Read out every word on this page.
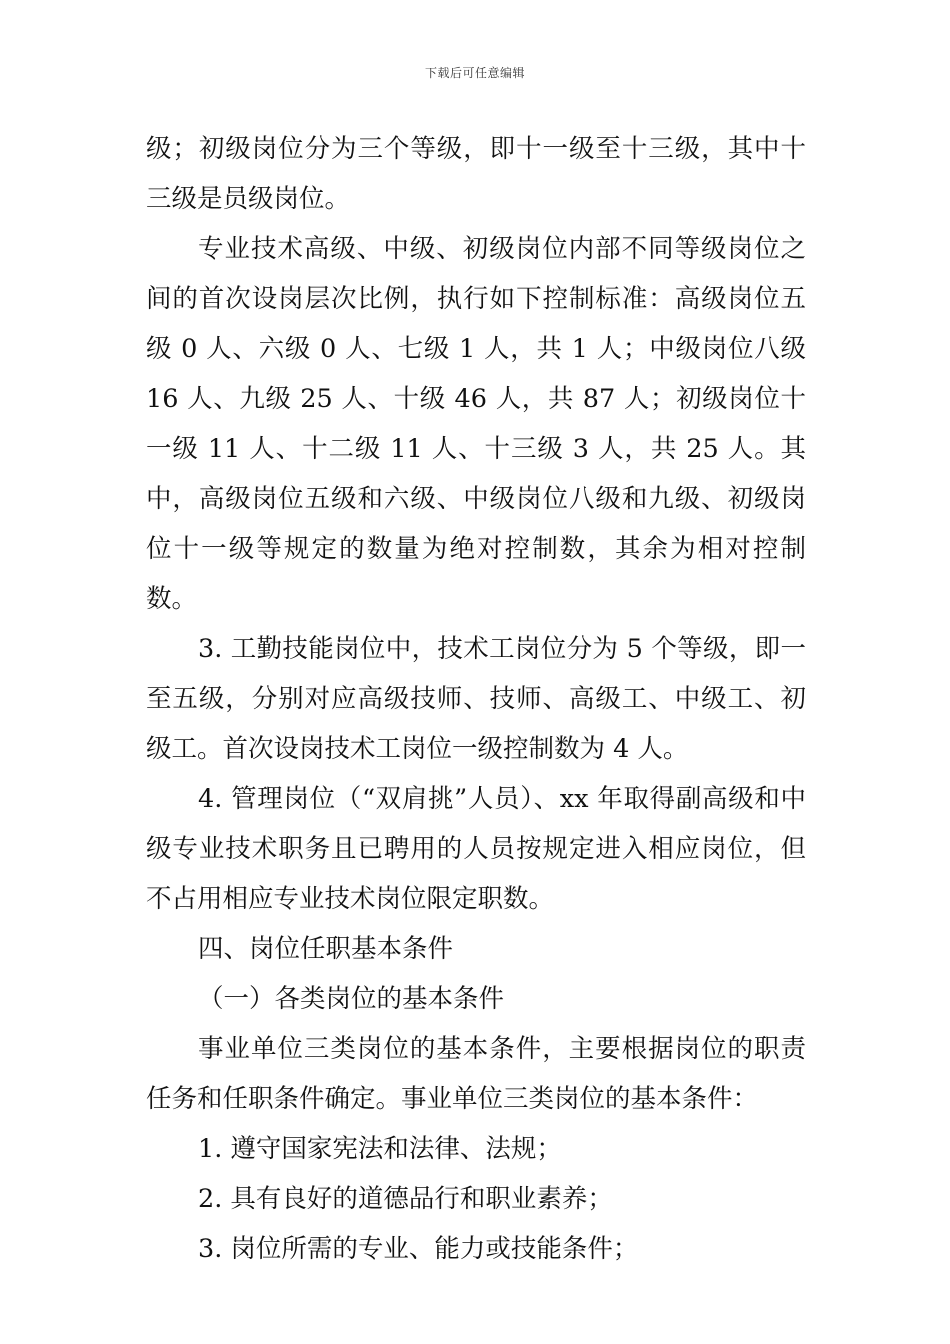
下载后可任意编辑

级；初级岗位分为三个等级，即十一级至十三级，其中十三级是员级岗位。

专业技术高级、中级、初级岗位内部不同等级岗位之间的首次设岗层次比例，执行如下控制标准：高级岗位五级 0 人、六级 0 人、七级 1 人，共 1 人；中级岗位八级 16 人、九级 25 人、十级 46 人，共 87 人；初级岗位十一级 11 人、十二级 11 人、十三级 3 人，共 25 人。其中，高级岗位五级和六级、中级岗位八级和九级、初级岗位十一级等规定的数量为绝对控制数，其余为相对控制数。

3. 工勤技能岗位中，技术工岗位分为 5 个等级，即一至五级，分别对应高级技师、技师、高级工、中级工、初级工。首次设岗技术工岗位一级控制数为 4 人。

4. 管理岗位（“双肩挑”人员）、xx 年取得副高级和中级专业技术职务且已聘用的人员按规定进入相应岗位，但不占用相应专业技术岗位限定职数。

四、岗位任职基本条件

（一）各类岗位的基本条件

事业单位三类岗位的基本条件，主要根据岗位的职责任务和任职条件确定。事业单位三类岗位的基本条件：

1. 遵守国家宪法和法律、法规；

2. 具有良好的道德品行和职业素养；

3. 岗位所需的专业、能力或技能条件；
